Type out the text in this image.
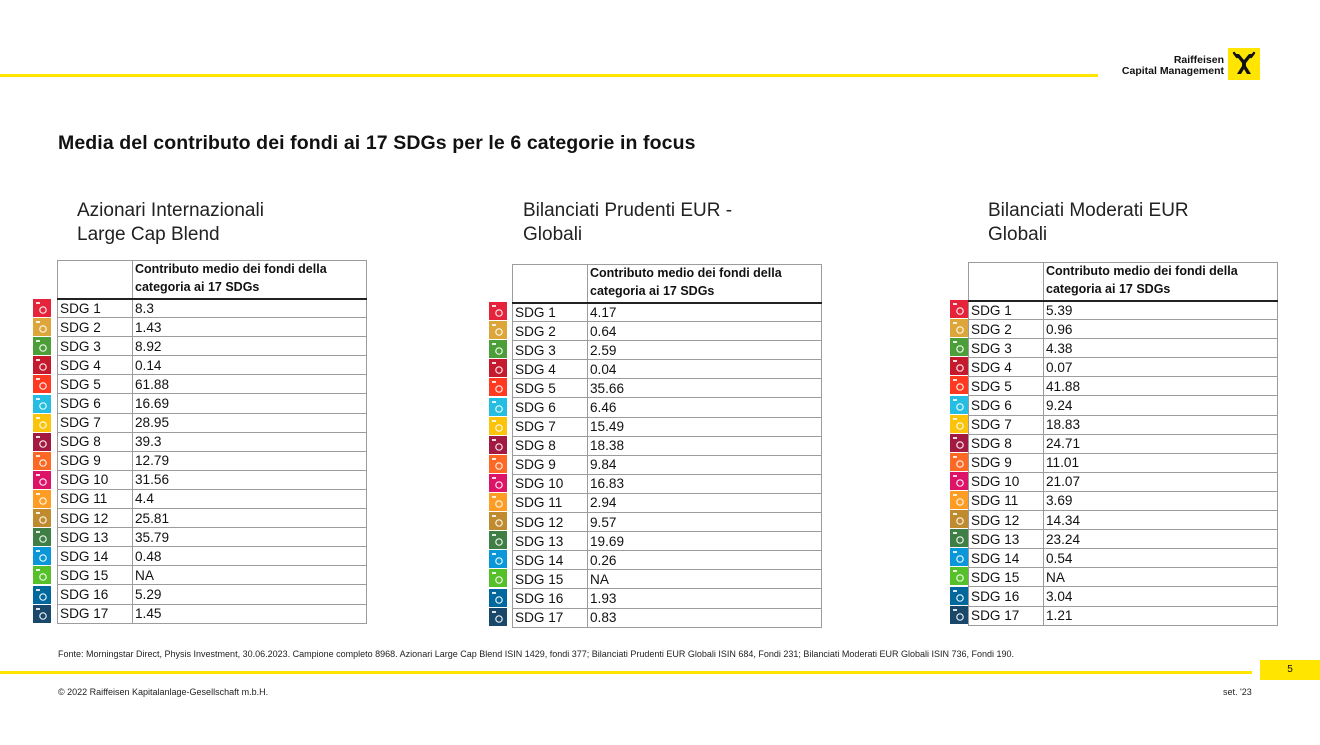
Raiffeisen
Capital Management
Media del contributo dei fondi ai 17 SDGs per le 6 categorie in focus
Azionari Internazionali
Large Cap Blend
	Contributo medio dei fondi della categoria ai 17 SDGs
SDG 1	8.3
SDG 2	1.43
SDG 3	8.92
SDG 4	0.14
SDG 5	61.88
SDG 6	16.69
SDG 7	28.95
SDG 8	39.3
SDG 9	12.79
SDG 10	31.56
SDG 11	4.4
SDG 12	25.81
SDG 13	35.79
SDG 14	0.48
SDG 15	NA
SDG 16	5.29
SDG 17	1.45
Bilanciati Prudenti EUR -
Globali
	Contributo medio dei fondi della categoria ai 17 SDGs
SDG 1	4.17
SDG 2	0.64
SDG 3	2.59
SDG 4	0.04
SDG 5	35.66
SDG 6	6.46
SDG 7	15.49
SDG 8	18.38
SDG 9	9.84
SDG 10	16.83
SDG 11	2.94
SDG 12	9.57
SDG 13	19.69
SDG 14	0.26
SDG 15	NA
SDG 16	1.93
SDG 17	0.83
Bilanciati Moderati EUR
Globali
	Contributo medio dei fondi della categoria ai 17 SDGs
SDG 1	5.39
SDG 2	0.96
SDG 3	4.38
SDG 4	0.07
SDG 5	41.88
SDG 6	9.24
SDG 7	18.83
SDG 8	24.71
SDG 9	11.01
SDG 10	21.07
SDG 11	3.69
SDG 12	14.34
SDG 13	23.24
SDG 14	0.54
SDG 15	NA
SDG 16	3.04
SDG 17	1.21
Fonte: Morningstar Direct, Physis Investment, 30.06.2023. Campione completo 8968. Azionari Large Cap Blend ISIN 1429, fondi 377; Bilanciati Prudenti EUR Globali ISIN 684, Fondi 231; Bilanciati Moderati EUR Globali ISIN 736, Fondi 190.
5
© 2022 Raiffeisen Kapitalanlage-Gesellschaft m.b.H.	set. '23
